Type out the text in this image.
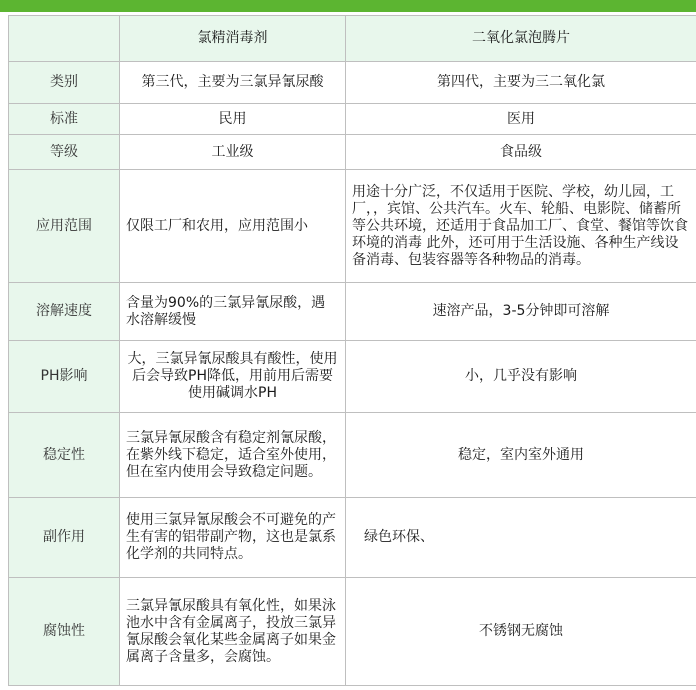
	氯精消毒剂	二氧化氯泡腾片
类别	第三代，主要为三氯异氰尿酸	第四代，主要为三二氧化氯
标准	民用	医用
等级	工业级	食品级
应用范围	仅限工厂和农用，应用范围小	用途十分广泛，不仅适用于医院、学校，幼儿园，工厂，，宾馆、公共汽车。火车、轮船、电影院、储蓄所等公共环境，还适用于食品加工厂、食堂、餐馆等饮食环境的消毒 此外，还可用于生活设施、各种生产线设备消毒、包装容器等各种物品的消毒。
溶解速度	含量为90%的三氯异氰尿酸，遇水溶解缓慢	速溶产品，3-5分钟即可溶解
PH影响	大，三氯异氰尿酸具有酸性，使用后会导致PH降低，用前用后需要使用碱调水PH	小，几乎没有影响
稳定性	三氯异氰尿酸含有稳定剂氰尿酸，在紫外线下稳定，适合室外使用，但在室内使用会导致稳定问题。	稳定，室内室外通用
副作用	使用三氯异氰尿酸会不可避免的产生有害的铝带副产物，这也是氯系化学剂的共同特点。	绿色环保、
腐蚀性	三氯异氰尿酸具有氧化性，如果泳池水中含有金属离子，投放三氯异氰尿酸会氧化某些金属离子如果金属离子含量多，会腐蚀。	不锈钢无腐蚀
